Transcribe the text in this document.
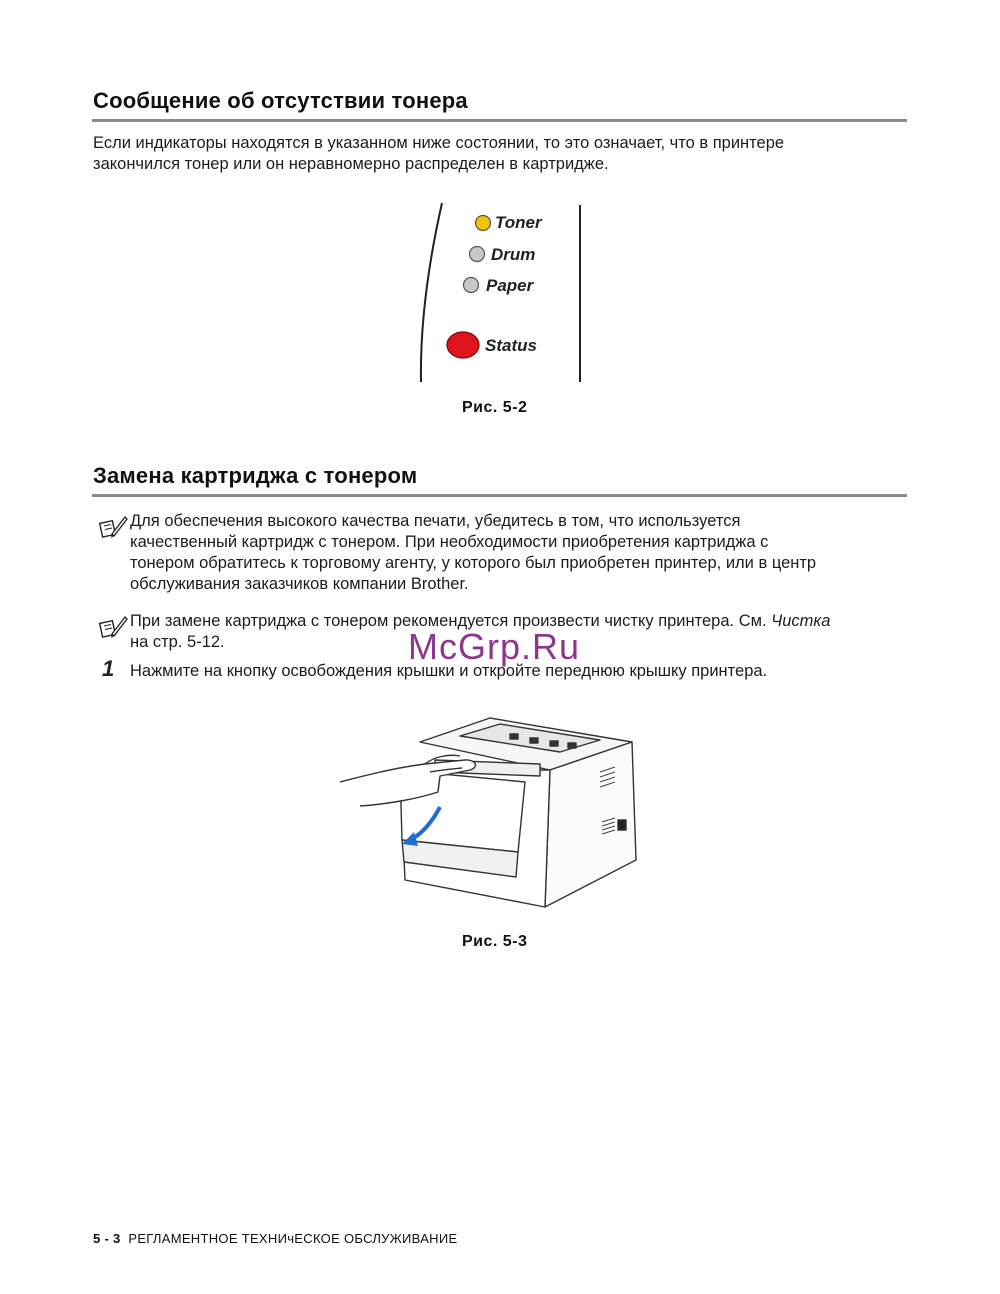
Сообщение об отсутствии тонера
Если индикаторы находятся в указанном ниже состоянии, то это означает, что в принтере
закончился тонер или он неравномерно распределен в картридже.
Toner
Drum
Paper
Status
Рис. 5-2
Замена картриджа с тонером
Для обеспечения высокого качества печати, убедитесь в том, что используется
качественный картридж с тонером. При необходимости приобретения картриджа с
тонером обратитесь к торговому агенту, у которого был приобретен принтер, или в центр
обслуживания заказчиков компании Brother.
При замене картриджа с тонером рекомендуется произвести чистку принтера. См. Чистка
на стр. 5-12.
1 Нажмите на кнопку освобождения крышки и откройте переднюю крышку принтера.
McGrp.Ru
Рис. 5-3
5 - 3 РЕГЛАМЕНТНОЕ ТЕХНИчЕСКОЕ ОБСЛУЖИВАНИЕ
